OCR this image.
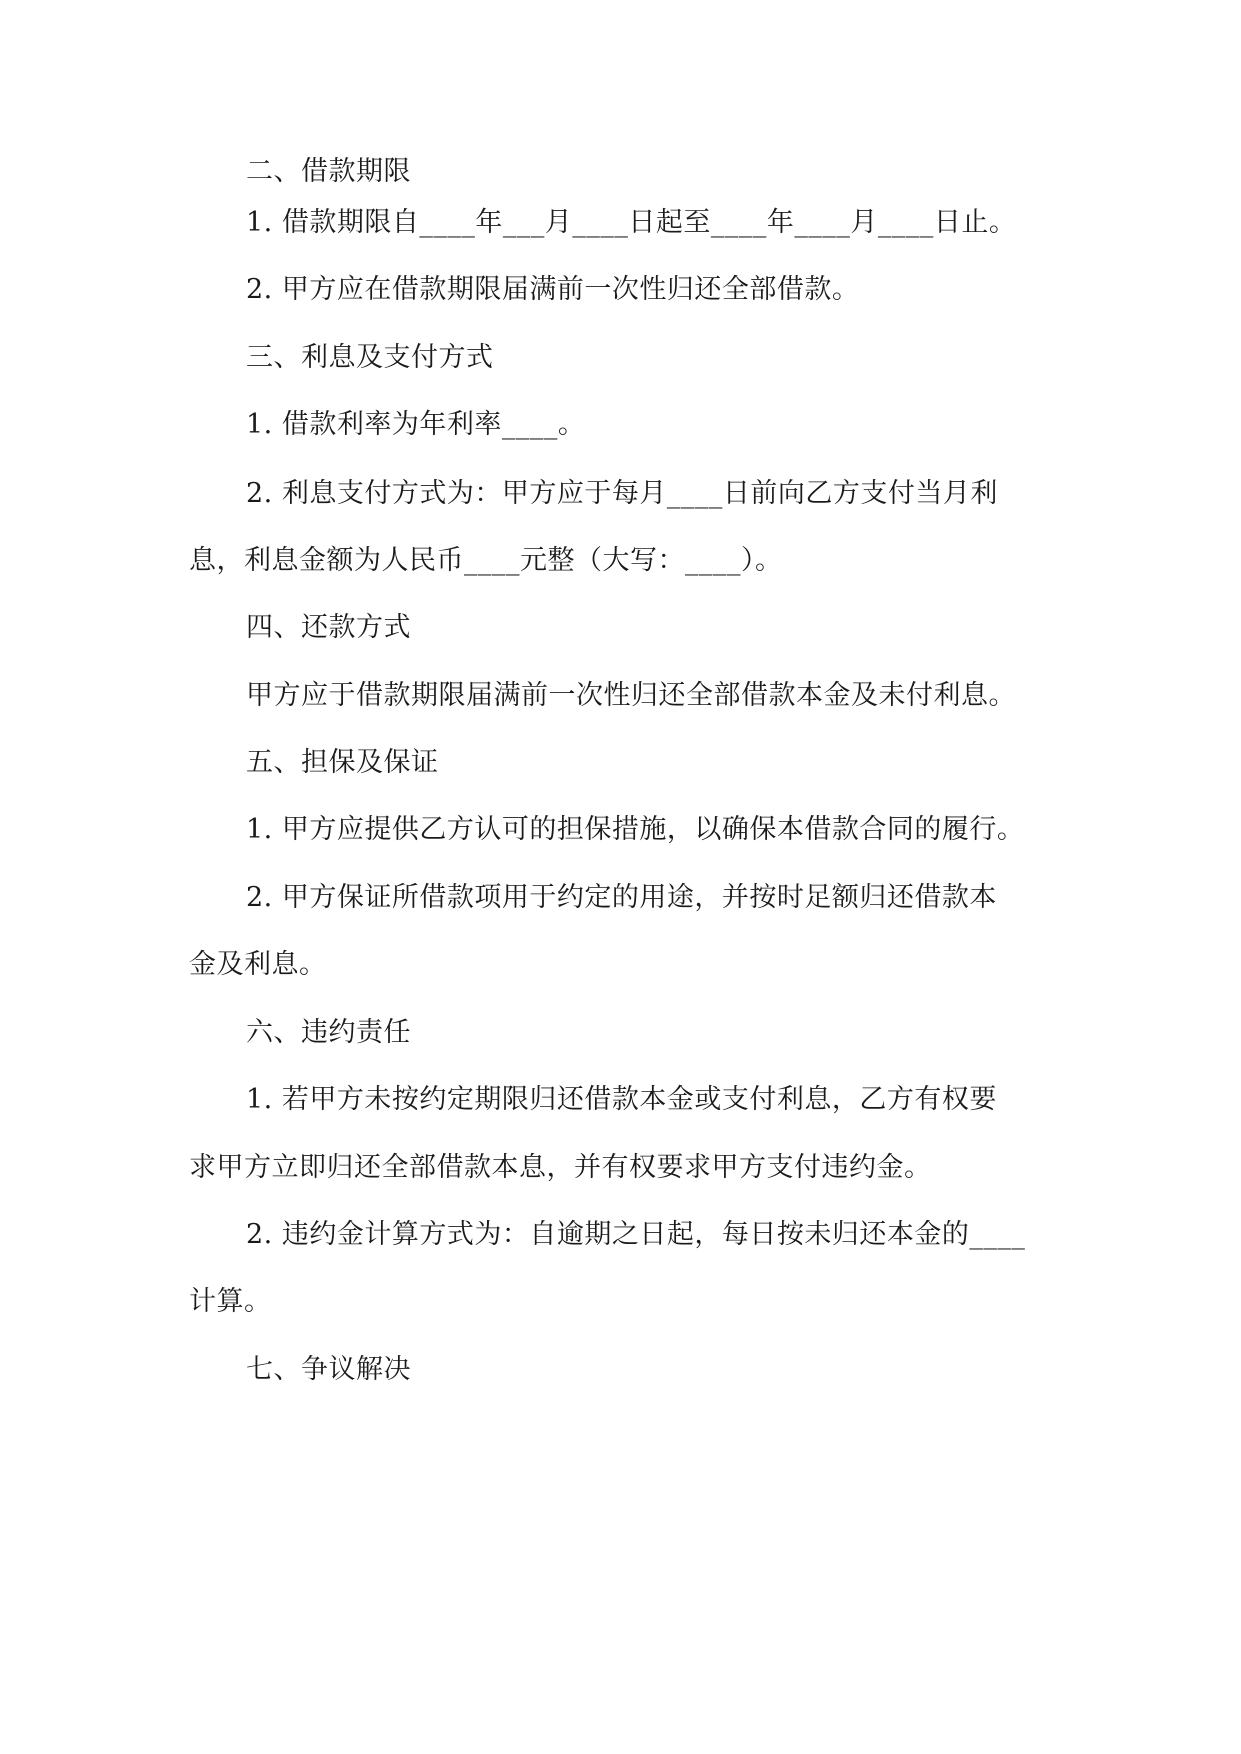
二、借款期限
1. 借款期限自____年___月____日起至____年____月____日止。
2. 甲方应在借款期限届满前一次性归还全部借款。
三、利息及支付方式
1. 借款利率为年利率____。
2. 利息支付方式为：甲方应于每月____日前向乙方支付当月利
息，利息金额为人民币____元整（大写：____）。
四、还款方式
甲方应于借款期限届满前一次性归还全部借款本金及未付利息。
五、担保及保证
1. 甲方应提供乙方认可的担保措施，以确保本借款合同的履行。
2. 甲方保证所借款项用于约定的用途，并按时足额归还借款本
金及利息。
六、违约责任
1. 若甲方未按约定期限归还借款本金或支付利息，乙方有权要
求甲方立即归还全部借款本息，并有权要求甲方支付违约金。
2. 违约金计算方式为：自逾期之日起，每日按未归还本金的____
计算。
七、争议解决
